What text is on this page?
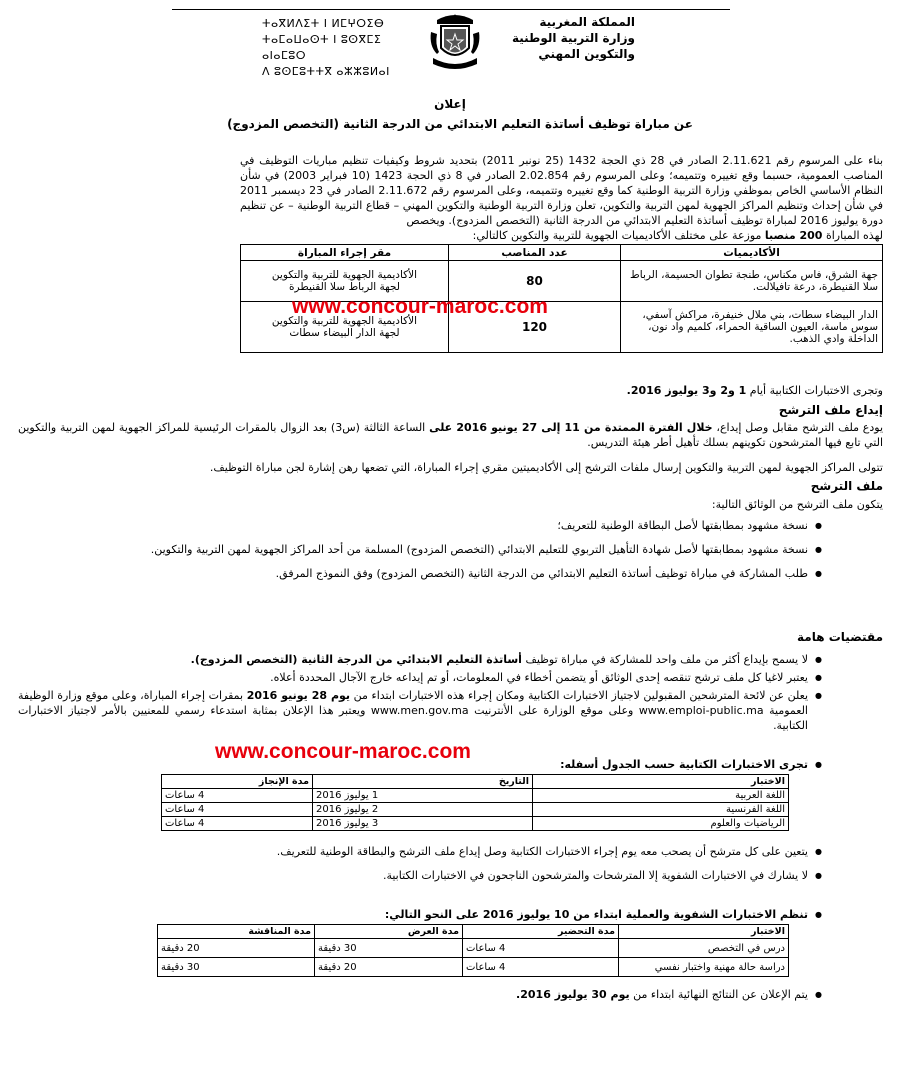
ⵜⴰⴳⵍⴷⵉⵜ ⵏ ⵍⵎⵖⵔⵉⴱ
ⵜⴰⵎⴰⵡⴰⵙⵜ ⵏ ⵓⵙⴳⵎⵉ ⴰⵏⴰⵎⵓⵔ
ⴷ ⵓⵙⵎⵓⵜⵜⴳ ⴰⵣⵣⵓⵍⴰⵏ
المملكة المغربية
وزارة التربية الوطنية
والتكوين المهني
إعلان
عن مباراة توظيف أساتذة التعليم الابتدائي من الدرجة الثانية (التخصص المزدوج)
بناء على المرسوم رقم 2.11.621 الصادر في 28 ذي الحجة 1432 (25 نونبر 2011) بتحديد شروط وكيفيات تنظيم مباريات التوظيف في المناصب العمومية، حسبما وقع تغييره وتتميمه؛ وعلى المرسوم رقم 2.02.854 الصادر في 8 ذي الحجة 1423 (10 فبراير 2003) في شأن النظام الأساسي الخاص بموظفي وزارة التربية الوطنية كما وقع تغييره وتتميمه، وعلى المرسوم رقم 2.11.672 الصادر في 23 ديسمبر 2011 في شأن إحداث وتنظيم المراكز الجهوية لمهن التربية والتكوين، تعلن وزارة التربية الوطنية والتكوين المهني – قطاع التربية الوطنية – عن تنظيم دورة يوليوز 2016 لمباراة توظيف أساتذة التعليم الابتدائي من الدرجة الثانية (التخصص المزدوج). ويخصص
لهذه المباراة 200 منصبا موزعة على مختلف الأكاديميات الجهوية للتربية والتكوين كالتالي:
الأكاديميات	عدد المناصب	مقر إجراء المباراة
جهة الشرق، فاس مكناس، طنجة تطوان الحسيمة، الرباط سلا القنيطرة، درعة تافيلالت.	80	الأكاديمية الجهوية للتربية والتكوين
لجهة الرباط سلا القنيطرة

الدار البيضاء سطات، بني ملال خنيفرة، مراكش آسفي، سوس ماسة، العيون الساقية الحمراء، كلميم واد نون، الداخلة وادي الذهب.	120	الأكاديمية الجهوية للتربية والتكوين
لجهة الدار البيضاء سطات
www.concour-maroc.com
وتجرى الاختبارات الكتابية أيام 1 و2 و3 يوليوز 2016.
إيداع ملف الترشح
يودع ملف الترشح مقابل وصل إيداع، خلال الفترة الممتدة من 11 إلى 27 يونيو 2016 على الساعة الثالثة (س3) بعد الزوال بالمقرات الرئيسية للمراكز الجهوية لمهن التربية والتكوين التي تابع فيها المترشحون تكوينهم بسلك تأهيل أطر هيئة التدريس.
تتولى المراكز الجهوية لمهن التربية والتكوين إرسال ملفات الترشح إلى الأكاديميتين مقري إجراء المباراة، التي تضعها رهن إشارة لجن مباراة التوظيف.
ملف الترشح
يتكون ملف الترشح من الوثائق التالية:
● نسخة مشهود بمطابقتها لأصل البطاقة الوطنية للتعريف؛
● نسخة مشهود بمطابقتها لأصل شهادة التأهيل التربوي للتعليم الابتدائي (التخصص المزدوج) المسلمة من أحد المراكز الجهوية لمهن التربية والتكوين.
● طلب المشاركة في مباراة توظيف أساتذة التعليم الابتدائي من الدرجة الثانية (التخصص المزدوج) وفق النموذج المرفق.
مقتضيات هامة
● لا يسمح بإيداع أكثر من ملف واحد للمشاركة في مباراة توظيف أساتذة التعليم الابتدائي من الدرجة الثانية (التخصص المزدوج).
● يعتبر لاغيا كل ملف ترشح تنقصه إحدى الوثائق أو يتضمن أخطاء في المعلومات، أو تم إيداعه خارج الآجال المحددة أعلاه.
● يعلن عن لائحة المترشحين المقبولين لاجتياز الاختبارات الكتابية ومكان إجراء هذه الاختبارات ابتداء من يوم 28 يونيو 2016 بمقرات إجراء المباراة، وعلى موقع وزارة الوظيفة العمومية www.emploi-public.ma وعلى موقع الوزارة على الأنترنيت www.men.gov.ma ويعتبر هذا الإعلان بمثابة استدعاء رسمي للمعنيين بالأمر لاجتياز الاختبارات الكتابية.
www.concour-maroc.com
● تجرى الاختبارات الكتابية حسب الجدول أسفله:
الاختبار	التاريخ	مدة الإنجاز
اللغة العربية	1 يوليوز 2016	4 ساعات
اللغة الفرنسية	2 يوليوز 2016	4 ساعات
الرياضيات والعلوم	3 يوليوز 2016	4 ساعات
● يتعين على كل مترشح أن يصحب معه يوم إجراء الاختبارات الكتابية وصل إيداع ملف الترشح والبطاقة الوطنية للتعريف.
● لا يشارك في الاختبارات الشفوية إلا المترشحات والمترشحون الناجحون في الاختبارات الكتابية.
● تنظم الاختبارات الشفوية والعملية ابتداء من 10 يوليوز 2016 على النحو التالي:
الاختبار	مدة التحضير	مدة العرض	مدة المناقشة
درس في التخصص	4 ساعات	30 دقيقة	20 دقيقة
دراسة حالة مهنية واختبار نفسي	4 ساعات	20 دقيقة	30 دقيقة
● يتم الإعلان عن النتائج النهائية ابتداء من يوم 30 يوليوز 2016.
